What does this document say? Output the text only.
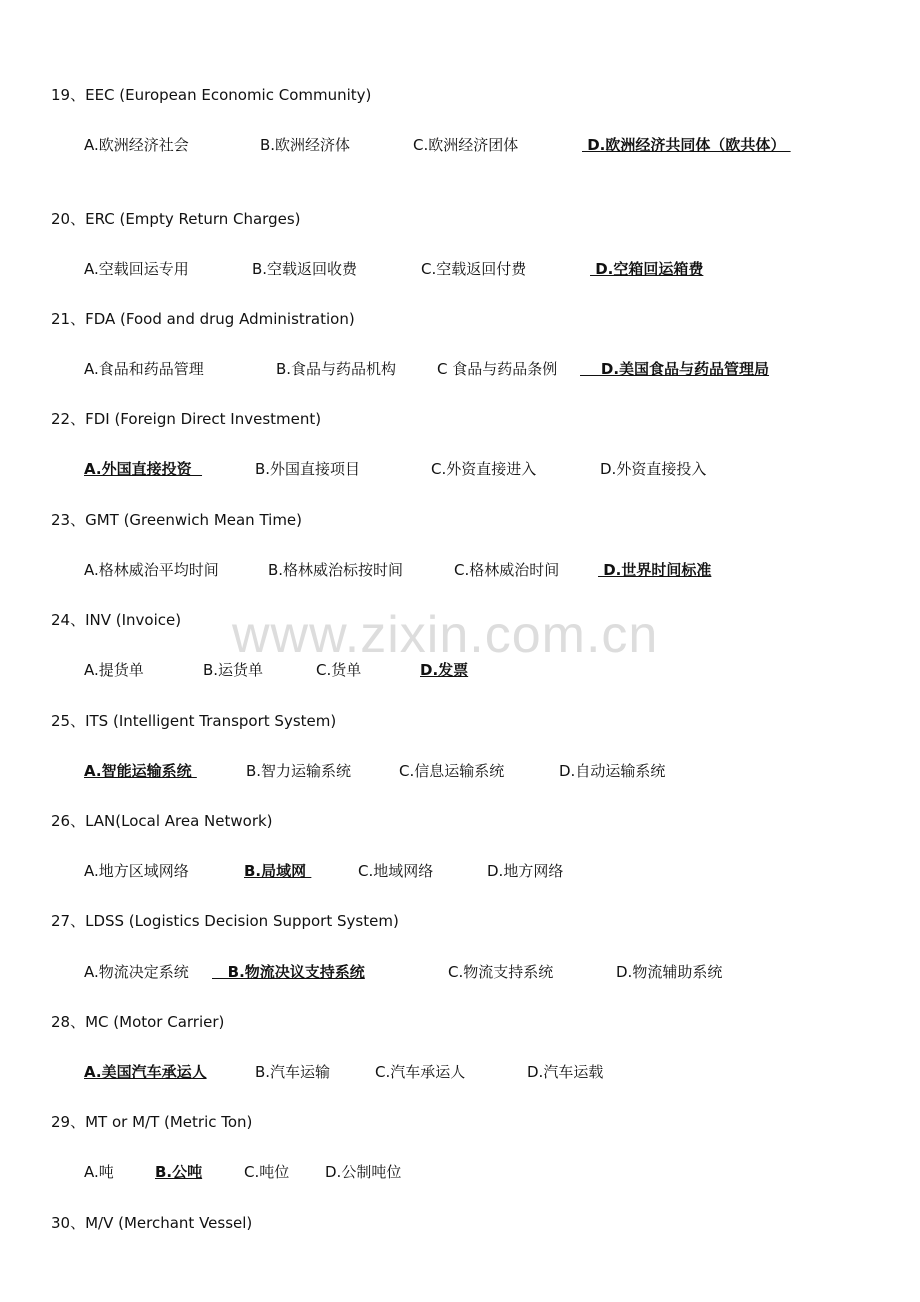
www.zixin.com.cn
19、EEC (European Economic Community)
A.欧洲经济社会	B.欧洲经济体	C.欧洲经济团体	D.欧洲经济共同体（欧共体）
20、ERC (Empty Return Charges)
A.空载回运专用	B.空载返回收费	C.空载返回付费	D.空箱回运箱费
21、FDA (Food and drug Administration)
A.食品和药品管理	B.食品与药品机构	C 食品与药品条例 D.美国食品与药品管理局
22、FDI (Foreign Direct Investment)
A.外国直接投资	B.外国直接项目	C.外资直接进入	D.外资直接投入
23、GMT (Greenwich Mean Time)
A.格林威治平均时间	B.格林威治标按时间	C.格林威治时间	D.世界时间标准
24、INV (Invoice)
A.提货单	B.运货单	C.货单	D.发票
25、ITS (Intelligent Transport System)
A.智能运输系统	B.智力运输系统	C.信息运输系统	D.自动运输系统
26、LAN(Local Area Network)
A.地方区域网络	B.局域网	C.地域网络	D.地方网络
27、LDSS (Logistics Decision Support System)
A.物流决定系统 B.物流决议支持系统	C.物流支持系统	D.物流辅助系统
28、MC (Motor Carrier)
A.美国汽车承运人	B.汽车运输	C.汽车承运人	D.汽车运载
29、MT or M/T (Metric Ton)
A.吨	B.公吨	C.吨位 D.公制吨位
30、M/V (Merchant Vessel)
